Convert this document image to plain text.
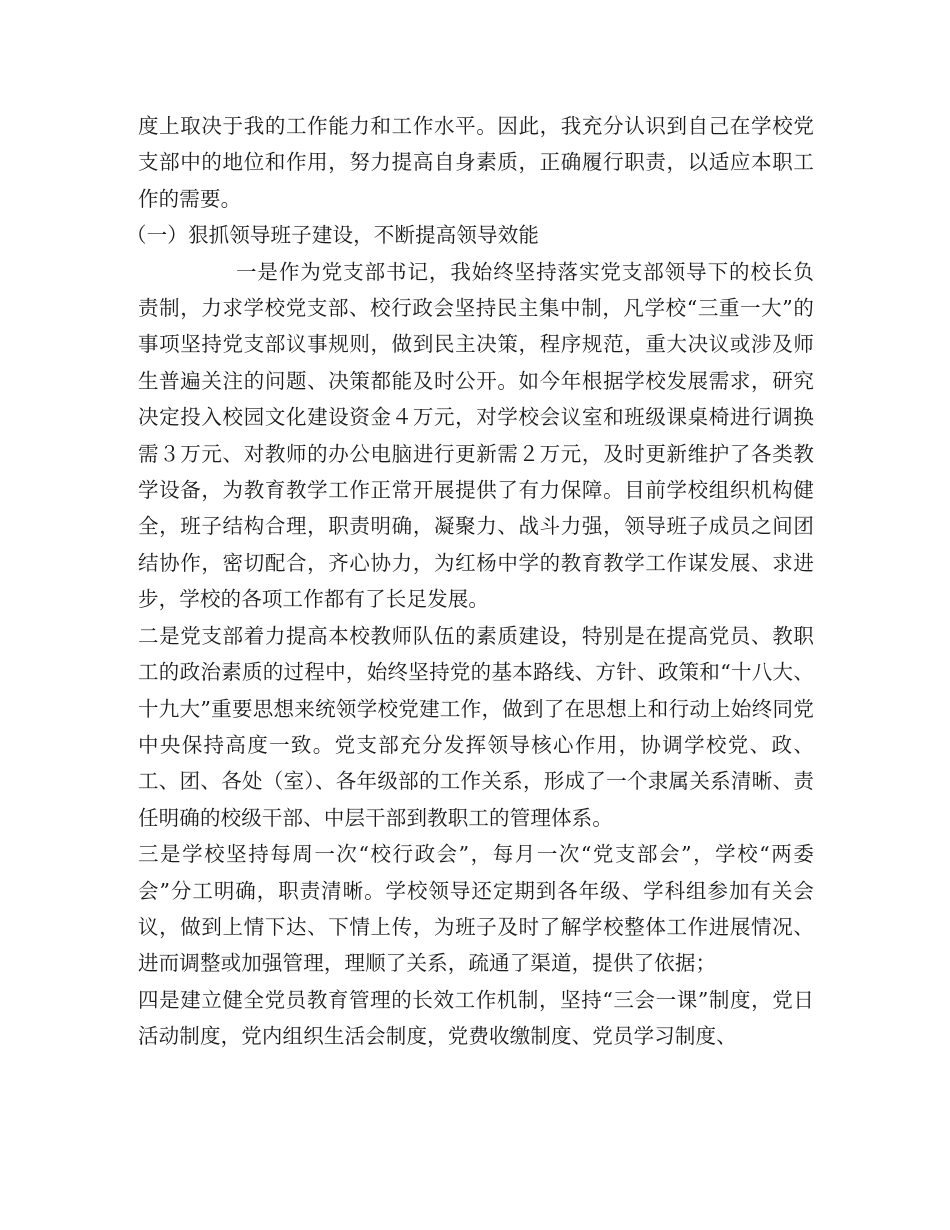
度上取决于我的工作能力和工作水平。因此，我充分认识到自己在学校党支部中的地位和作用，努力提高自身素质，正确履行职责，以适应本职工作的需要。

（一）狠抓领导班子建设，不断提高领导效能

一是作为党支部书记，我始终坚持落实党支部领导下的校长负责制，力求学校党支部、校行政会坚持民主集中制，凡学校“三重一大”的事项坚持党支部议事规则，做到民主决策，程序规范，重大决议或涉及师生普遍关注的问题、决策都能及时公开。如今年根据学校发展需求，研究决定投入校园文化建设资金４万元，对学校会议室和班级课桌椅进行调换需３万元、对教师的办公电脑进行更新需２万元，及时更新维护了各类教学设备，为教育教学工作正常开展提供了有力保障。目前学校组织机构健全，班子结构合理，职责明确，凝聚力、战斗力强，领导班子成员之间团结协作，密切配合，齐心协力，为红杨中学的教育教学工作谋发展、求进步，学校的各项工作都有了长足发展。

二是党支部着力提高本校教师队伍的素质建设，特别是在提高党员、教职工的政治素质的过程中，始终坚持党的基本路线、方针、政策和“十八大、十九大”重要思想来统领学校党建工作，做到了在思想上和行动上始终同党中央保持高度一致。党支部充分发挥领导核心作用，协调学校党、政、工、团、各处（室）、各年级部的工作关系，形成了一个隶属关系清晰、责任明确的校级干部、中层干部到教职工的管理体系。

三是学校坚持每周一次“校行政会”，每月一次“党支部会”，学校“两委会”分工明确，职责清晰。学校领导还定期到各年级、学科组参加有关会议，做到上情下达、下情上传，为班子及时了解学校整体工作进展情况、进而调整或加强管理，理顺了关系，疏通了渠道，提供了依据；

四是建立健全党员教育管理的长效工作机制，坚持“三会一课”制度，党日活动制度，党内组织生活会制度，党费收缴制度、党员学习制度、
